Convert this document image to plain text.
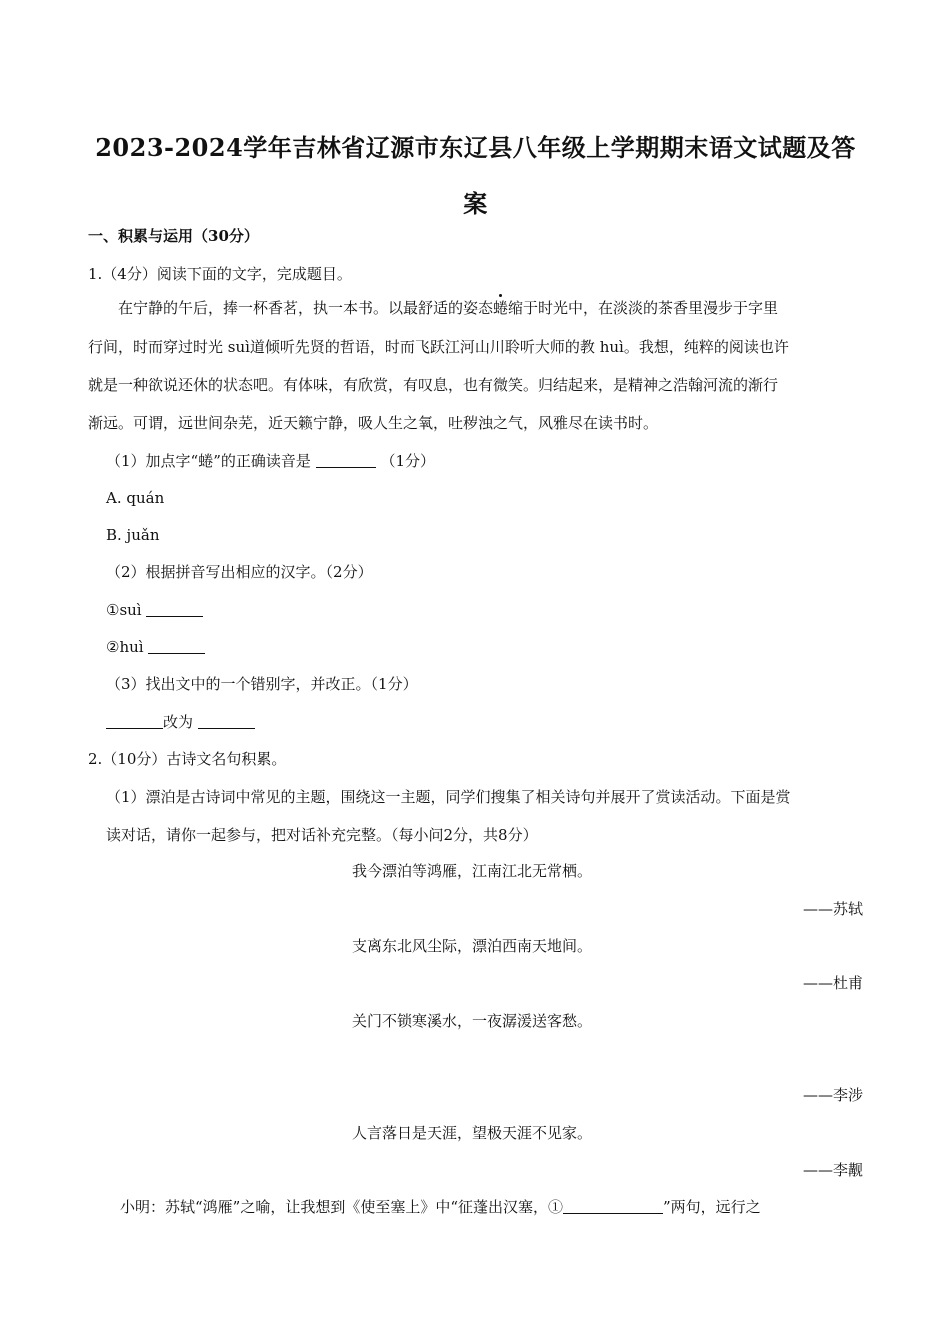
2023-2024学年吉林省辽源市东辽县八年级上学期期末语文试题及答案
一、积累与运用（30分）
1.（4分）阅读下面的文字，完成题目。
在宁静的午后，捧一杯香茗，执一本书。以最舒适的姿态蜷缩于时光中，在淡淡的茶香里漫步于字里
行间，时而穿过时光 suì道倾听先贤的哲语，时而飞跃江河山川聆听大师的教 huì。我想，纯粹的阅读也许
就是一种欲说还休的状态吧。有体味，有欣赏，有叹息，也有微笑。归结起来，是精神之浩翰河流的渐行
渐远。可谓，远世间杂芜，近天籁宁静，吸人生之氧，吐秽浊之气，风雅尽在读书时。
（1）加点字“蜷”的正确读音是	（1分）
A. quán
B. juǎn
（2）根据拼音写出相应的汉字。（2分）
①suì
②huì
（3）找出文中的一个错别字，并改正。（1分）
改为
2.（10分）古诗文名句积累。
（1）漂泊是古诗词中常见的主题，围绕这一主题，同学们搜集了相关诗句并展开了赏读活动。下面是赏
读对话，请你一起参与，把对话补充完整。（每小问2分，共8分）
我今漂泊等鸿雁，江南江北无常栖。
——苏轼
支离东北风尘际，漂泊西南天地间。
——杜甫
关门不锁寒溪水，一夜潺湲送客愁。
——李涉
人言落日是天涯，望极天涯不见家。
——李觏
小明：苏轼“鸿雁”之喻，让我想到《使至塞上》中“征蓬出汉塞，①	”两句，远行之
